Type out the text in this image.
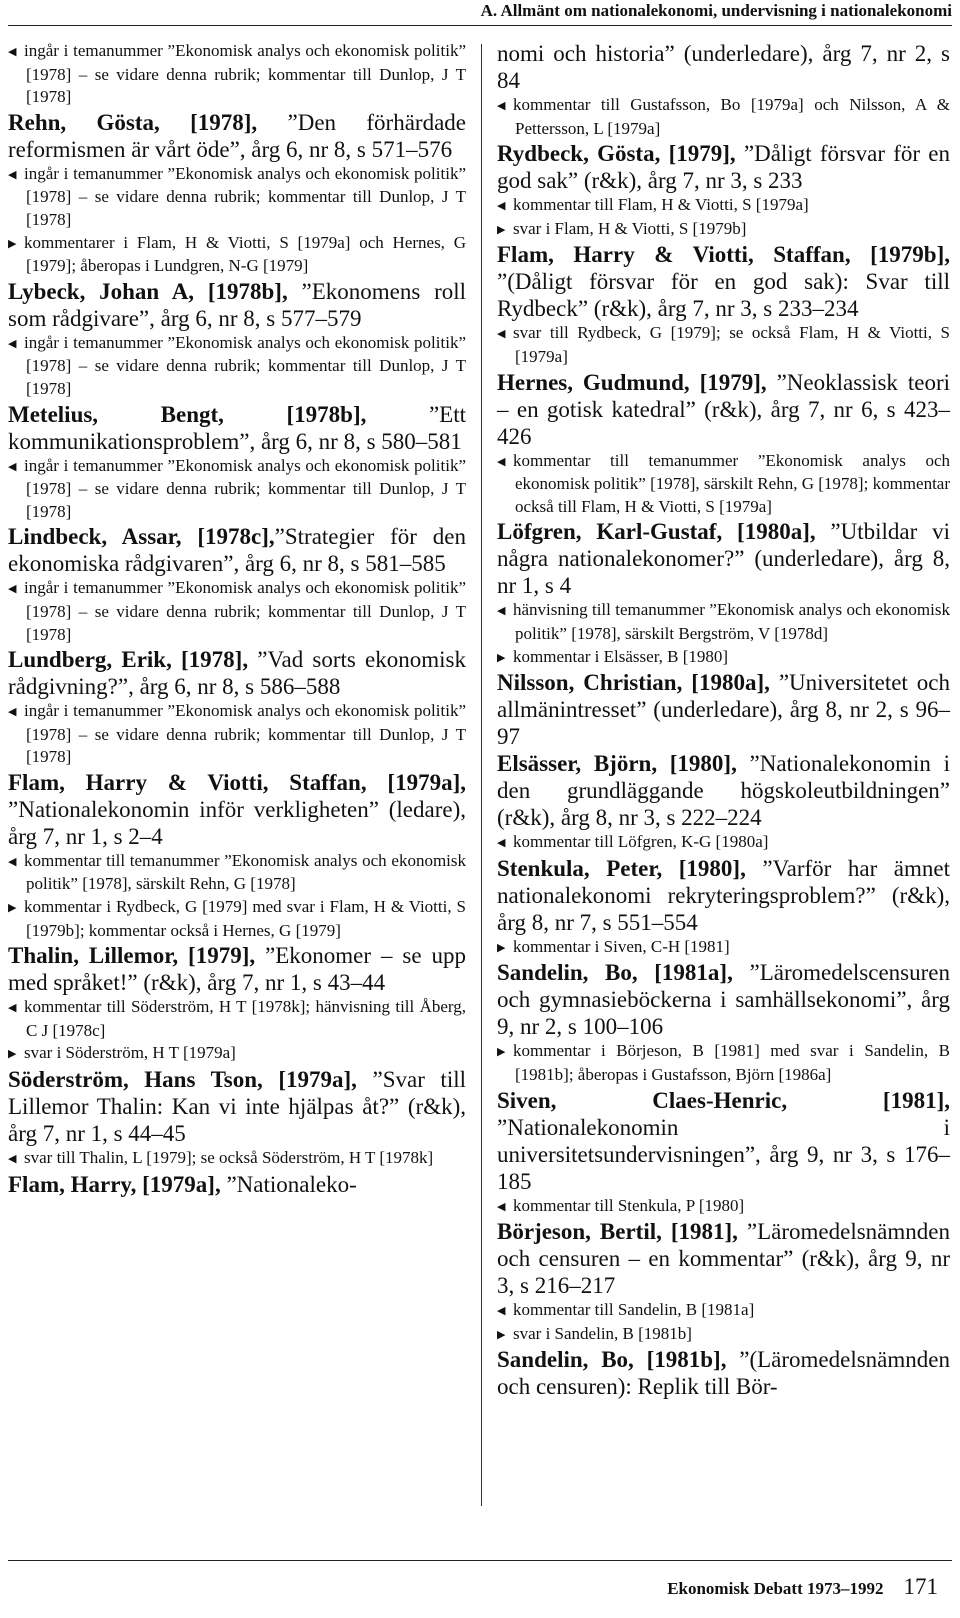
A. Allmänt om nationalekonomi, undervisning i nationalekonomi
◀ ingår i temanummer ”Ekonomisk analys och ekonomisk politik” [1978] – se vidare denna rubrik; kommentar till Dunlop, J T [1978]
Rehn, Gösta, [1978], ”Den förhärdade reformismen är vårt öde”, årg 6, nr 8, s 571–576
◀ ingår i temanummer ”Ekonomisk analys och ekonomisk politik” [1978] – se vidare denna rubrik; kommentar till Dunlop, J T [1978]
▶ kommentarer i Flam, H & Viotti, S [1979a] och Hernes, G [1979]; åberopas i Lundgren, N-G [1979]
Lybeck, Johan A, [1978b], ”Ekonomens roll som rådgivare”, årg 6, nr 8, s 577–579
◀ ingår i temanummer ”Ekonomisk analys och ekonomisk politik” [1978] – se vidare denna rubrik; kommentar till Dunlop, J T [1978]
Metelius, Bengt, [1978b], ”Ett kommunikationsproblem”, årg 6, nr 8, s 580–581
◀ ingår i temanummer ”Ekonomisk analys och ekonomisk politik” [1978] – se vidare denna rubrik; kommentar till Dunlop, J T [1978]
Lindbeck, Assar, [1978c],”Strategier för den ekonomiska rådgivaren”, årg 6, nr 8, s 581–585
◀ ingår i temanummer ”Ekonomisk analys och ekonomisk politik” [1978] – se vidare denna rubrik; kommentar till Dunlop, J T [1978]
Lundberg, Erik, [1978], ”Vad sorts ekonomisk rådgivning?”, årg 6, nr 8, s 586–588
◀ ingår i temanummer ”Ekonomisk analys och ekonomisk politik” [1978] – se vidare denna rubrik; kommentar till Dunlop, J T [1978]
Flam, Harry & Viotti, Staffan, [1979a], ”Nationalekonomin inför verkligheten” (ledare), årg 7, nr 1, s 2–4
◀ kommentar till temanummer ”Ekonomisk analys och ekonomisk politik” [1978], särskilt Rehn, G [1978]
▶ kommentar i Rydbeck, G [1979] med svar i Flam, H & Viotti, S [1979b]; kommentar också i Hernes, G [1979]
Thalin, Lillemor, [1979], ”Ekonomer – se upp med språket!” (r&k), årg 7, nr 1, s 43–44
◀ kommentar till Söderström, H T [1978k]; hänvisning till Åberg, C J [1978c]
▶ svar i Söderström, H T [1979a]
Söderström, Hans Tson, [1979a], ”Svar till Lillemor Thalin: Kan vi inte hjälpas åt?” (r&k), årg 7, nr 1, s 44–45
◀ svar till Thalin, L [1979]; se också Söderström, H T [1978k]
Flam, Harry, [1979a], ”Nationaleko-
nomi och historia” (underledare), årg 7, nr 2, s 84
◀ kommentar till Gustafsson, Bo [1979a] och Nilsson, A & Pettersson, L [1979a]
Rydbeck, Gösta, [1979], ”Dåligt försvar för en god sak” (r&k), årg 7, nr 3, s 233
◀ kommentar till Flam, H & Viotti, S [1979a]
▶ svar i Flam, H & Viotti, S [1979b]
Flam, Harry & Viotti, Staffan, [1979b], ”(Dåligt försvar för en god sak): Svar till Rydbeck” (r&k), årg 7, nr 3, s 233–234
◀ svar till Rydbeck, G [1979]; se också Flam, H & Viotti, S [1979a]
Hernes, Gudmund, [1979], ”Neoklassisk teori – en gotisk katedral” (r&k), årg 7, nr 6, s 423–426
◀ kommentar till temanummer ”Ekonomisk analys och ekonomisk politik” [1978], särskilt Rehn, G [1978]; kommentar också till Flam, H & Viotti, S [1979a]
Löfgren, Karl-Gustaf, [1980a], ”Utbildar vi några nationalekonomer?” (underledare), årg 8, nr 1, s 4
◀ hänvisning till temanummer ”Ekonomisk analys och ekonomisk politik” [1978], särskilt Bergström, V [1978d]
▶ kommentar i Elsässer, B [1980]
Nilsson, Christian, [1980a], ”Universitetet och allmänintresset” (underledare), årg 8, nr 2, s 96–97
Elsässer, Björn, [1980], ”Nationalekonomin i den grundläggande högskoleutbildningen” (r&k), årg 8, nr 3, s 222–224
◀ kommentar till Löfgren, K-G [1980a]
Stenkula, Peter, [1980], ”Varför har ämnet nationalekonomi rekryteringsproblem?” (r&k), årg 8, nr 7, s 551–554
▶ kommentar i Siven, C-H [1981]
Sandelin, Bo, [1981a], ”Läromedelscensuren och gymnasieböckerna i samhällsekonomi”, årg 9, nr 2, s 100–106
▶ kommentar i Börjeson, B [1981] med svar i Sandelin, B [1981b]; åberopas i Gustafsson, Björn [1986a]
Siven, Claes-Henric, [1981], ”Nationalekonomin i universitetsundervisningen”, årg 9, nr 3, s 176–185
◀ kommentar till Stenkula, P [1980]
Börjeson, Bertil, [1981], ”Läromedelsnämnden och censuren – en kommentar” (r&k), årg 9, nr 3, s 216–217
◀ kommentar till Sandelin, B [1981a]
▶ svar i Sandelin, B [1981b]
Sandelin, Bo, [1981b], ”(Läromedelsnämnden och censuren): Replik till Bör-
Ekonomisk Debatt 1973–1992 171
